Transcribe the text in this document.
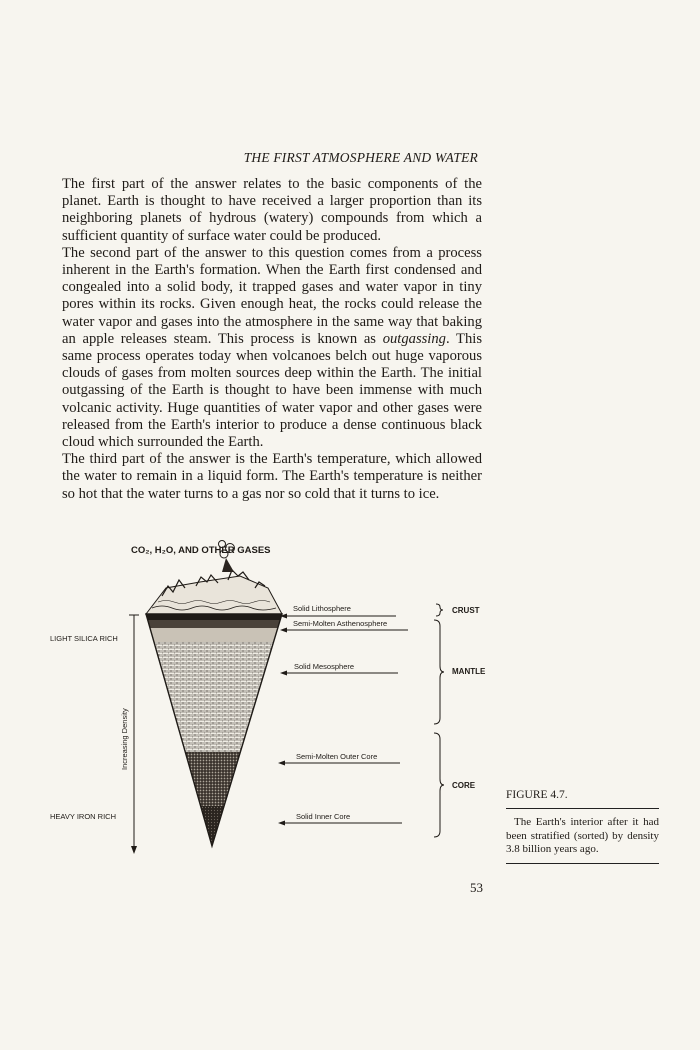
THE FIRST ATMOSPHERE AND WATER

The first part of the answer relates to the basic components of the planet. Earth is thought to have received a larger proportion than its neighboring planets of hydrous (watery) compounds from which a sufficient quantity of surface water could be produced.

The second part of the answer to this question comes from a process inherent in the Earth's formation. When the Earth first condensed and congealed into a solid body, it trapped gases and water vapor in tiny pores within its rocks. Given enough heat, the rocks could release the water vapor and gases into the atmosphere in the same way that baking an apple releases steam. This process is known as outgassing. This same process operates today when volcanoes belch out huge vaporous clouds of gases from molten sources deep within the Earth. The initial outgassing of the Earth is thought to have been immense with much volcanic activity. Huge quantities of water vapor and other gases were released from the Earth's interior to produce a dense continuous black cloud which surrounded the Earth.

The third part of the answer is the Earth's temperature, which allowed the water to remain in a liquid form. The Earth's temperature is neither so hot that the water turns to a gas nor so cold that it turns to ice.

CO₂, H₂O, AND OTHER GASES
LIGHT SILICA RICH
Increasing Density
HEAVY IRON RICH
Solid Lithosphere
Semi-Molten Asthenosphere
Solid Mesosphere
Semi-Molten Outer Core
Solid Inner Core
CRUST
MANTLE
CORE
FIGURE 4.7.
The Earth's interior after it had been stratified (sorted) by density 3.8 billion years ago.
53
